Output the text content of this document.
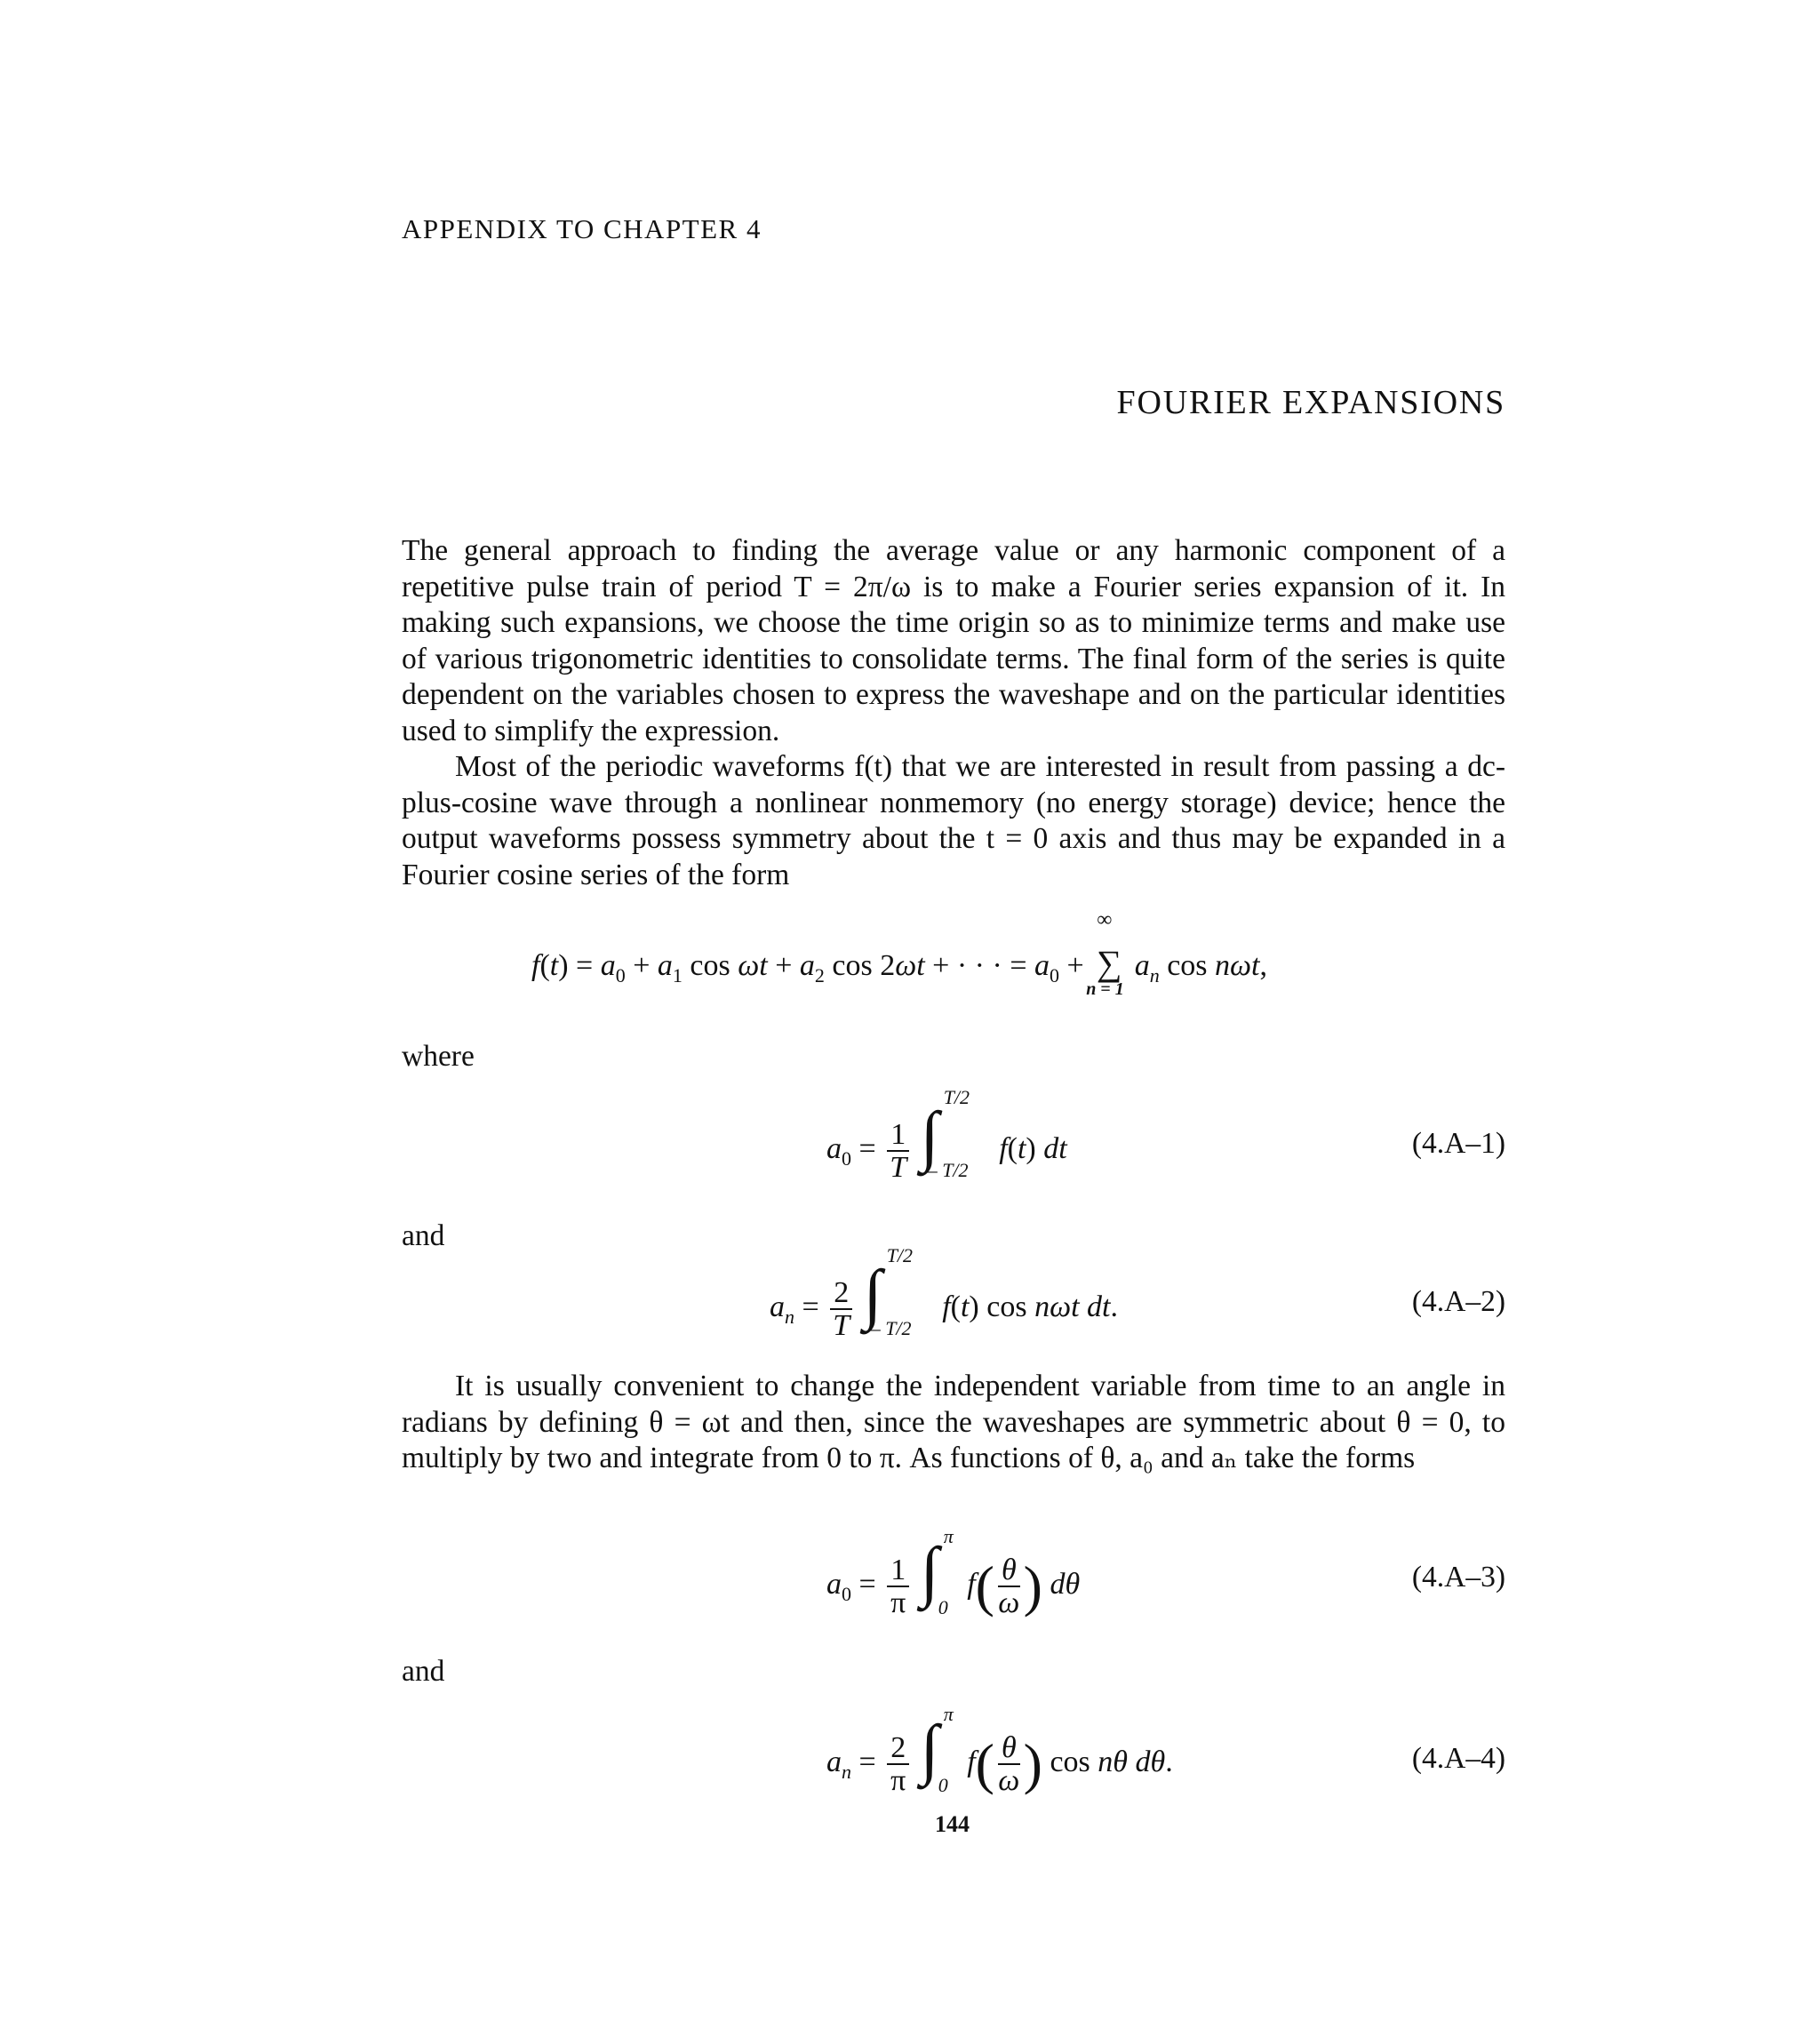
APPENDIX TO CHAPTER 4
FOURIER EXPANSIONS

The general approach to finding the average value or any harmonic component of a repetitive pulse train of period T = 2π/ω is to make a Fourier series expansion of it. In making such expansions, we choose the time origin so as to minimize terms and make use of various trigonometric identities to consolidate terms. The final form of the series is quite dependent on the variables chosen to express the waveshape and on the particular identities used to simplify the expression.

Most of the periodic waveforms f(t) that we are interested in result from passing a dc-plus-cosine wave through a nonlinear nonmemory (no energy storage) device; hence the output waveforms possess symmetry about the t = 0 axis and thus may be expanded in a Fourier cosine series of the form

$f(t) = a_0 + a_1$ $\cos \omega t + a_2$ cos 2ωt + · · · = $a_0$ +
∞
∑
n = 1
$a_n$ cos nωt,
where
$a_0 = \frac{1}{T}$ ∫
T/2
– T/2
f(t) dt	(4.A–1)
and
$a_n = \frac{2}{T}$ ∫
T/2
– T/2
f(t) cos nωt dt.	(4.A–2)

It is usually convenient to change the independent variable from time to an angle in radians by defining θ = ωt and then, since the waveshapes are symmetric about θ = 0, to multiply by two and integrate from 0 to π. As functions of θ, a₀ and aₙ take the forms

$a_0 = \frac{1}{\pi}$ ∫ π
0
$f( \frac{\theta}{\omega}$ ) dθ	(4.A–3)
and
$a_n = \frac{2}{\pi}$ ∫ π
0
$f( \frac{\theta}{\omega}$ ) cos nθ dθ.	(4.A–4)
144
